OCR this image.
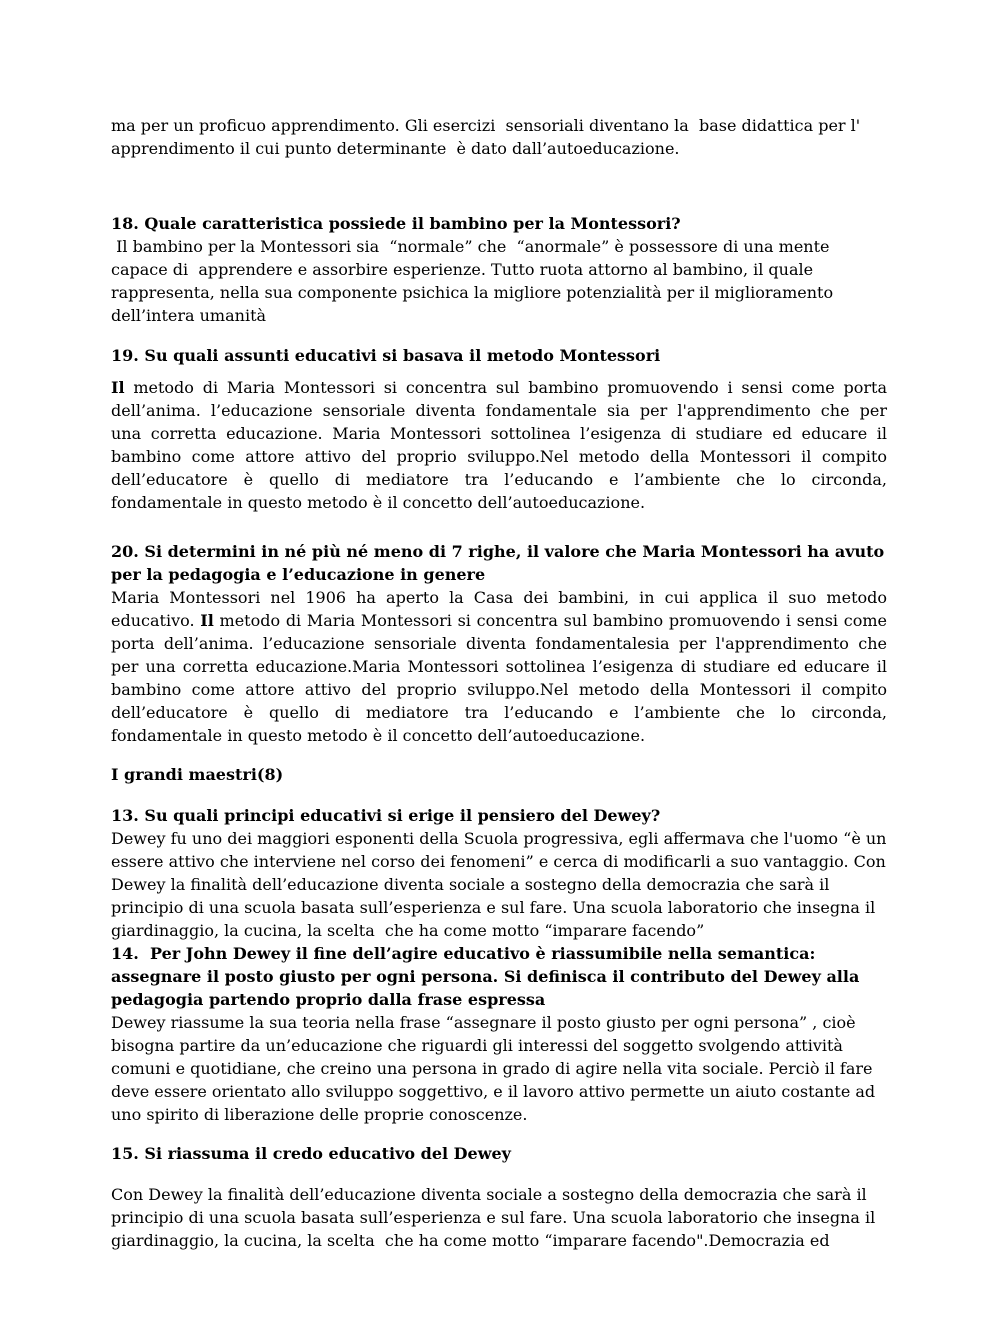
ma per un proficuo apprendimento. Gli esercizi  sensoriali diventano la  base didattica per l'
apprendimento il cui punto determinante  è dato dall’autoeducazione.
18. Quale caratteristica possiede il bambino per la Montessori?
Il bambino per la Montessori sia  “normale” che  “anormale” è possessore di una mente
capace di  apprendere e assorbire esperienze. Tutto ruota attorno al bambino, il quale
rappresenta, nella sua componente psichica la migliore potenzialità per il miglioramento
dell’intera umanità
19. Su quali assunti educativi si basava il metodo Montessori
Il metodo di Maria Montessori si concentra sul bambino promuovendo i sensi come porta
dell’anima. l’educazione sensoriale diventa fondamentale sia per l'apprendimento che per
una corretta educazione. Maria Montessori sottolinea l’esigenza di studiare ed educare il
bambino come attore attivo del proprio sviluppo.Nel metodo della Montessori il compito
dell’educatore è quello di mediatore tra l’educando e l’ambiente che lo circonda,
fondamentale in questo metodo è il concetto dell’autoeducazione.
20. Si determini in né più né meno di 7 righe, il valore che Maria Montessori ha avuto
per la pedagogia e l’educazione in genere
Maria Montessori nel 1906 ha aperto la Casa dei bambini, in cui applica il suo metodo
educativo. Il metodo di Maria Montessori si concentra sul bambino promuovendo i sensi come
porta dell’anima. l’educazione sensoriale diventa fondamentalesia per l'apprendimento che
per una corretta educazione.Maria Montessori sottolinea l’esigenza di studiare ed educare il
bambino come attore attivo del proprio sviluppo.Nel metodo della Montessori il compito
dell’educatore è quello di mediatore tra l’educando e l’ambiente che lo circonda,
fondamentale in questo metodo è il concetto dell’autoeducazione.
I grandi maestri(8)
13. Su quali principi educativi si erige il pensiero del Dewey?
Dewey fu uno dei maggiori esponenti della Scuola progressiva, egli affermava che l'uomo “è un
essere attivo che interviene nel corso dei fenomeni” e cerca di modificarli a suo vantaggio. Con
Dewey la finalità dell’educazione diventa sociale a sostegno della democrazia che sarà il
principio di una scuola basata sull’esperienza e sul fare. Una scuola laboratorio che insegna il
giardinaggio, la cucina, la scelta  che ha come motto “imparare facendo”
14.  Per John Dewey il fine dell’agire educativo è riassumibile nella semantica:
assegnare il posto giusto per ogni persona. Si definisca il contributo del Dewey alla
pedagogia partendo proprio dalla frase espressa
Dewey riassume la sua teoria nella frase “assegnare il posto giusto per ogni persona” , cioè
bisogna partire da un’educazione che riguardi gli interessi del soggetto svolgendo attività
comuni e quotidiane, che creino una persona in grado di agire nella vita sociale. Perciò il fare
deve essere orientato allo sviluppo soggettivo, e il lavoro attivo permette un aiuto costante ad
uno spirito di liberazione delle proprie conoscenze.
15. Si riassuma il credo educativo del Dewey
Con Dewey la finalità dell’educazione diventa sociale a sostegno della democrazia che sarà il
principio di una scuola basata sull’esperienza e sul fare. Una scuola laboratorio che insegna il
giardinaggio, la cucina, la scelta  che ha come motto “imparare facendo".Democrazia ed
